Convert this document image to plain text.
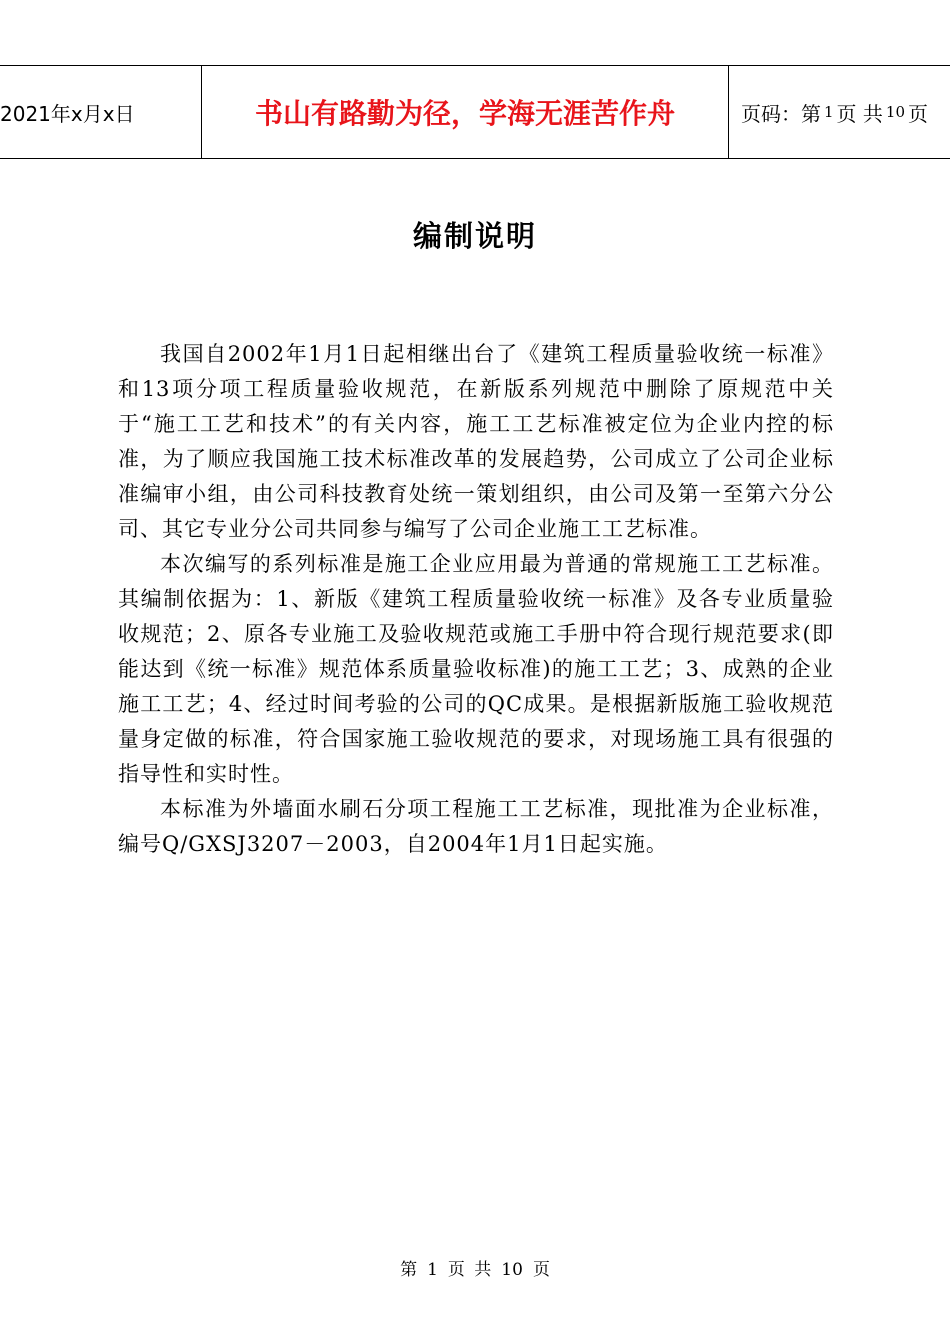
2021年x月x日	书山有路勤为径，学海无涯苦作舟	页码：第 1 页 共 10 页
编制说明

我国自2002年1月1日起相继出台了《建筑工程质量验收统一标准》和13项分项工程质量验收规范，在新版系列规范中删除了原规范中关于“施工工艺和技术”的有关内容，施工工艺标准被定位为企业内控的标准，为了顺应我国施工技术标准改革的发展趋势，公司成立了公司企业标准编审小组，由公司科技教育处统一策划组织，由公司及第一至第六分公司、其它专业分公司共同参与编写了公司企业施工工艺标准。

本次编写的系列标准是施工企业应用最为普通的常规施工工艺标准。其编制依据为：1、新版《建筑工程质量验收统一标准》及各专业质量验收规范；2、原各专业施工及验收规范或施工手册中符合现行规范要求(即能达到《统一标准》规范体系质量验收标准)的施工工艺；3、成熟的企业施工工艺；4、经过时间考验的公司的QC成果。是根据新版施工验收规范量身定做的标准，符合国家施工验收规范的要求，对现场施工具有很强的指导性和实时性。

本标准为外墙面水刷石分项工程施工工艺标准，现批准为企业标准，编号Q/GXSJ3207－2003，自2004年1月1日起实施。

第 1 页 共 10 页
